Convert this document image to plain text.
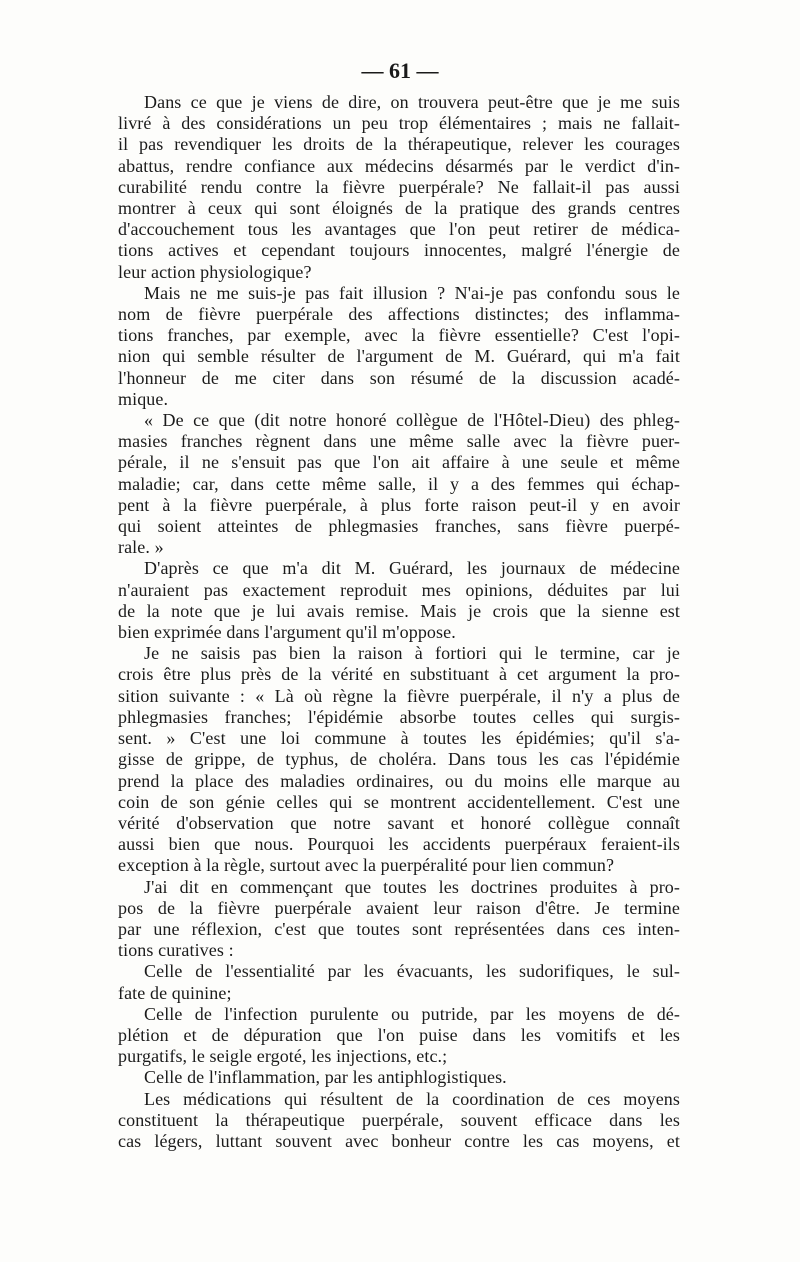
— 61 —
Dans ce que je viens de dire, on trouvera peut-être que je me suis
livré à des considérations un peu trop élémentaires ; mais ne fallait-
il pas revendiquer les droits de la thérapeutique, relever les courages
abattus, rendre confiance aux médecins désarmés par le verdict d'in-
curabilité rendu contre la fièvre puerpérale? Ne fallait-il pas aussi
montrer à ceux qui sont éloignés de la pratique des grands centres
d'accouchement tous les avantages que l'on peut retirer de médica-
tions actives et cependant toujours innocentes, malgré l'énergie de
leur action physiologique?
Mais ne me suis-je pas fait illusion ? N'ai-je pas confondu sous le
nom de fièvre puerpérale des affections distinctes; des inflamma-
tions franches, par exemple, avec la fièvre essentielle? C'est l'opi-
nion qui semble résulter de l'argument de M. Guérard, qui m'a fait
l'honneur de me citer dans son résumé de la discussion acadé-
mique.
« De ce que (dit notre honoré collègue de l'Hôtel-Dieu) des phleg-
masies franches règnent dans une même salle avec la fièvre puer-
pérale, il ne s'ensuit pas que l'on ait affaire à une seule et même
maladie; car, dans cette même salle, il y a des femmes qui échap-
pent à la fièvre puerpérale, à plus forte raison peut-il y en avoir
qui soient atteintes de phlegmasies franches, sans fièvre puerpé-
rale. »
D'après ce que m'a dit M. Guérard, les journaux de médecine
n'auraient pas exactement reproduit mes opinions, déduites par lui
de la note que je lui avais remise. Mais je crois que la sienne est
bien exprimée dans l'argument qu'il m'oppose.
Je ne saisis pas bien la raison à fortiori qui le termine, car je
crois être plus près de la vérité en substituant à cet argument la pro-
sition suivante : « Là où règne la fièvre puerpérale, il n'y a plus de
phlegmasies franches; l'épidémie absorbe toutes celles qui surgis-
sent. » C'est une loi commune à toutes les épidémies; qu'il s'a-
gisse de grippe, de typhus, de choléra. Dans tous les cas l'épidémie
prend la place des maladies ordinaires, ou du moins elle marque au
coin de son génie celles qui se montrent accidentellement. C'est une
vérité d'observation que notre savant et honoré collègue connaît
aussi bien que nous. Pourquoi les accidents puerpéraux feraient-ils
exception à la règle, surtout avec la puerpéralité pour lien commun?
J'ai dit en commençant que toutes les doctrines produites à pro-
pos de la fièvre puerpérale avaient leur raison d'être. Je termine
par une réflexion, c'est que toutes sont représentées dans ces inten-
tions curatives :
Celle de l'essentialité par les évacuants, les sudorifiques, le sul-
fate de quinine;
Celle de l'infection purulente ou putride, par les moyens de dé-
plétion et de dépuration que l'on puise dans les vomitifs et les
purgatifs, le seigle ergoté, les injections, etc.;
Celle de l'inflammation, par les antiphlogistiques.
Les médications qui résultent de la coordination de ces moyens
constituent la thérapeutique puerpérale, souvent efficace dans les
cas légers, luttant souvent avec bonheur contre les cas moyens, et
